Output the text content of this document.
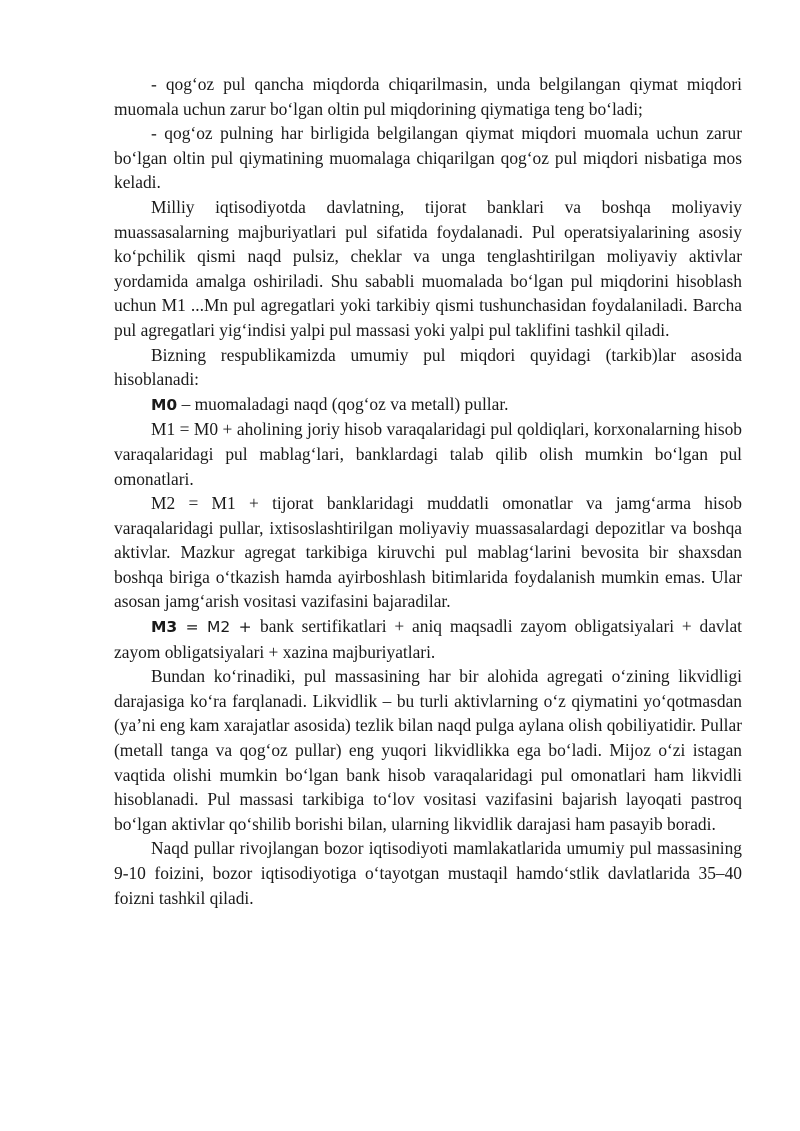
- qog‘oz pul qancha miqdorda chiqarilmasin, unda belgilangan qiymat miqdori muomala uchun zarur bo‘lgan oltin pul miqdorining qiymatiga teng bo‘ladi;

- qog‘oz pulning har birligida belgilangan qiymat miqdori muomala uchun zarur bo‘lgan oltin pul qiymatining muomalaga chiqarilgan qog‘oz pul miqdori nisbatiga mos keladi.

Milliy iqtisodiyotda davlatning, tijorat banklari va boshqa moliyaviy muassasalarning majburiyatlari pul sifatida foydalanadi. Pul operatsiyalarining asosiy ko‘pchilik qismi naqd pulsiz, cheklar va unga tenglashtirilgan moliyaviy aktivlar yordamida amalga oshiriladi. Shu sababli muomalada bo‘lgan pul miqdorini hisoblash uchun M1 ...Mn pul agregatlari yoki tarkibiy qismi tushunchasidan foydalaniladi. Barcha pul agregatlari yig‘indisi yalpi pul massasi yoki yalpi pul taklifini tashkil qiladi.

Bizning respublikamizda umumiy pul miqdori quyidagi (tarkib)lar asosida hisoblanadi:

M0 – muomaladagi naqd (qog‘oz va metall) pullar.

M1 = M0 + aholining joriy hisob varaqalaridagi pul qoldiqlari, korxonalarning hisob varaqalaridagi pul mablag‘lari, banklardagi talab qilib olish mumkin bo‘lgan pul omonatlari.

M2 = M1 + tijorat banklaridagi muddatli omonatlar va jamg‘arma hisob varaqalaridagi pullar, ixtisoslashtirilgan moliyaviy muassasalardagi depozitlar va boshqa aktivlar. Mazkur agregat tarkibiga kiruvchi pul mablag‘larini bevosita bir shaxsdan boshqa biriga o‘tkazish hamda ayirboshlash bitimlarida foydalanish mumkin emas. Ular asosan jamg‘arish vositasi vazifasini bajaradilar.

M3 = M2 + bank sertifikatlari + aniq maqsadli zayom obligatsiyalari + davlat zayom obligatsiyalari + xazina majburiyatlari.

Bundan ko‘rinadiki, pul massasining har bir alohida agregati o‘zining likvidligi darajasiga ko‘ra farqlanadi. Likvidlik – bu turli aktivlarning o‘z qiymatini yo‘qotmasdan (ya’ni eng kam xarajatlar asosida) tezlik bilan naqd pulga aylana olish qobiliyatidir. Pullar (metall tanga va qog‘oz pullar) eng yuqori likvidlikka ega bo‘ladi. Mijoz o‘zi istagan vaqtida olishi mumkin bo‘lgan bank hisob varaqalaridagi pul omonatlari ham likvidli hisoblanadi. Pul massasi tarkibiga to‘lov vositasi vazifasini bajarish layoqati pastroq bo‘lgan aktivlar qo‘shilib borishi bilan, ularning likvidlik darajasi ham pasayib boradi.

Naqd pullar rivojlangan bozor iqtisodiyoti mamlakatlarida umumiy pul massasining 9-10 foizini, bozor iqtisodiyotiga o‘tayotgan mustaqil hamdo‘stlik davlatlarida 35–40 foizni tashkil qiladi.
